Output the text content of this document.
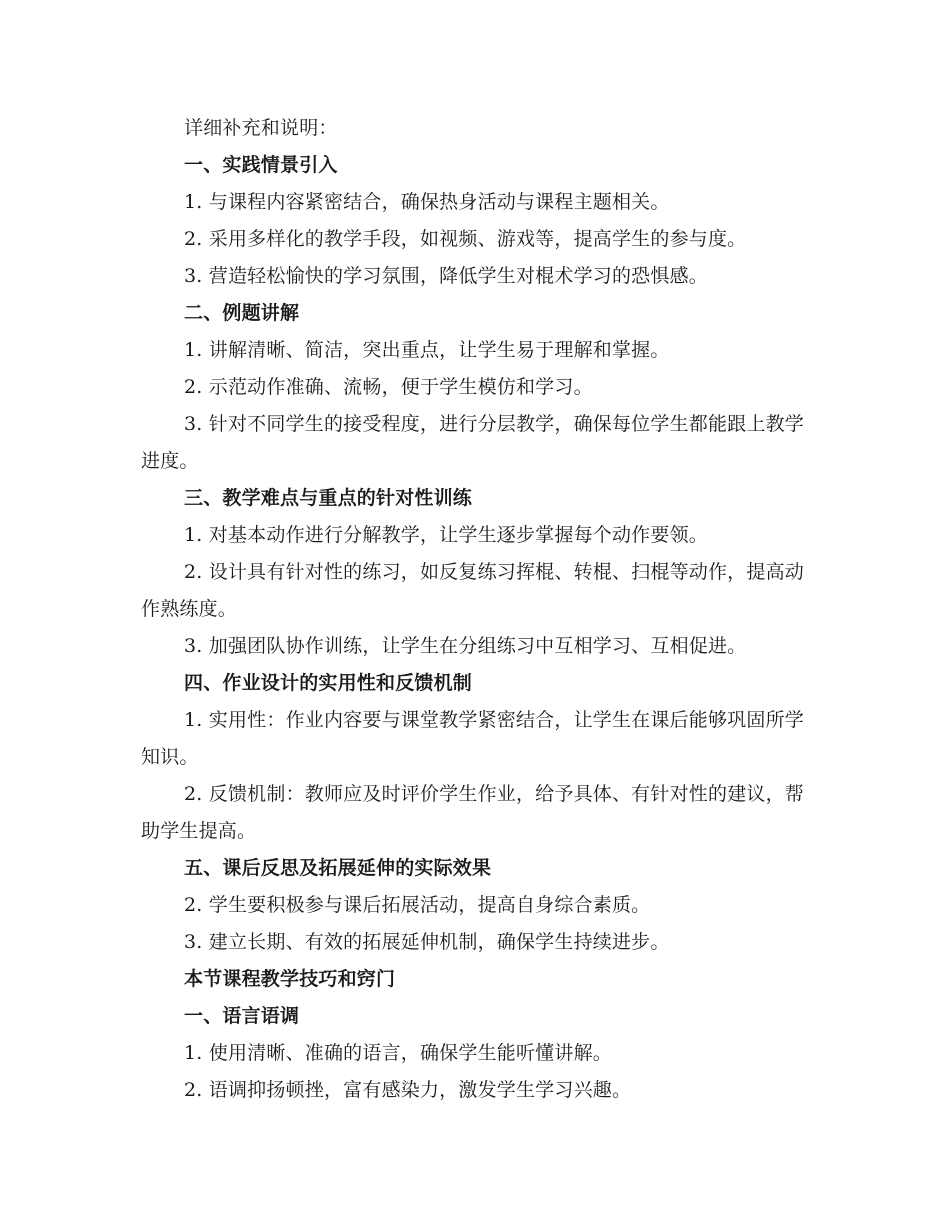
详细补充和说明：

一、实践情景引入

1. 与课程内容紧密结合，确保热身活动与课程主题相关。

2. 采用多样化的教学手段，如视频、游戏等，提高学生的参与度。

3. 营造轻松愉快的学习氛围，降低学生对棍术学习的恐惧感。

二、例题讲解

1. 讲解清晰、简洁，突出重点，让学生易于理解和掌握。

2. 示范动作准确、流畅，便于学生模仿和学习。

3. 针对不同学生的接受程度，进行分层教学，确保每位学生都能跟上教学进度。

三、教学难点与重点的针对性训练

1. 对基本动作进行分解教学，让学生逐步掌握每个动作要领。

2. 设计具有针对性的练习，如反复练习挥棍、转棍、扫棍等动作，提高动作熟练度。

3. 加强团队协作训练，让学生在分组练习中互相学习、互相促进。

四、作业设计的实用性和反馈机制

1. 实用性：作业内容要与课堂教学紧密结合，让学生在课后能够巩固所学知识。

2. 反馈机制：教师应及时评价学生作业，给予具体、有针对性的建议，帮助学生提高。

五、课后反思及拓展延伸的实际效果

2. 学生要积极参与课后拓展活动，提高自身综合素质。

3. 建立长期、有效的拓展延伸机制，确保学生持续进步。

本节课程教学技巧和窍门

一、语言语调

1. 使用清晰、准确的语言，确保学生能听懂讲解。

2. 语调抑扬顿挫，富有感染力，激发学生学习兴趣。
